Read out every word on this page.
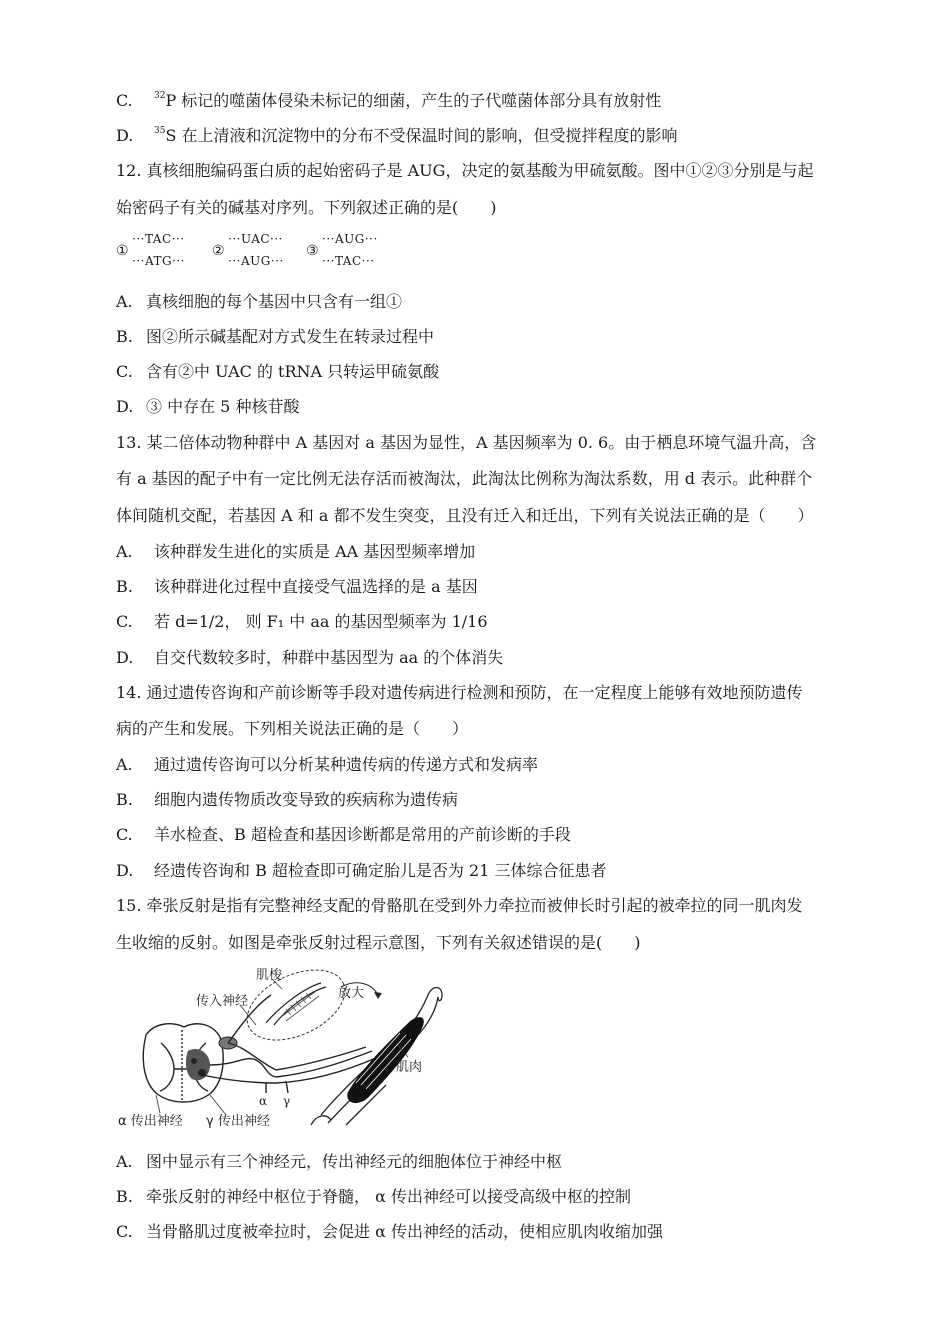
C. $^{32}$P 标记的噬菌体侵染未标记的细菌，产生的子代噬菌体部分具有放射性
D. $^{35}$S 在上清液和沉淀物中的分布不受保温时间的影响，但受搅拌程度的影响
12. 真核细胞编码蛋白质的起始密码子是 AUG，决定的氨基酸为甲硫氨酸。图中①②③分别是与起
始密码子有关的碱基对序列。下列叙述正确的是(　　)
①
···TAC···
···ATG···
②
···UAC···
···AUG···
③
···AUG···
···TAC···
A. 真核细胞的每个基因中只含有一组①
B. 图②所示碱基配对方式发生在转录过程中
C. 含有②中 UAC 的 tRNA 只转运甲硫氨酸
D. ③ 中存在 5 种核苷酸
13. 某二倍体动物种群中 A 基因对 a 基因为显性，A 基因频率为 0. 6。由于栖息环境气温升高，含
有 a 基因的配子中有一定比例无法存活而被淘汰，此淘汰比例称为淘汰系数，用 d 表示。此种群个
体间随机交配，若基因 A 和 a 都不发生突变，且没有迁入和迁出，下列有关说法正确的是（　　）
A. 该种群发生进化的实质是 AA 基因型频率增加
B. 该种群进化过程中直接受气温选择的是 a 基因
C. 若 d=1/2， 则 F₁ 中 aa 的基因型频率为 1/16
D. 自交代数较多时，种群中基因型为 aa 的个体消失
14. 通过遗传咨询和产前诊断等手段对遗传病进行检测和预防，在一定程度上能够有效地预防遗传
病的产生和发展。下列相关说法正确的是（　　）
A. 通过遗传咨询可以分析某种遗传病的传递方式和发病率
B. 细胞内遗传物质改变导致的疾病称为遗传病
C. 羊水检查、B 超检查和基因诊断都是常用的产前诊断的手段
D. 经遗传咨询和 B 超检查即可确定胎儿是否为 21 三体综合征患者
15. 牵张反射是指有完整神经支配的骨骼肌在受到外力牵拉而被伸长时引起的被牵拉的同一肌肉发
生收缩的反射。如图是牵张反射过程示意图，下列有关叙述错误的是(　　)
肌梭
放大
传入神经
肌肉
α γ
α 传出神经 γ 传出神经
A. 图中显示有三个神经元，传出神经元的细胞体位于神经中枢
B. 牵张反射的神经中枢位于脊髓， α 传出神经可以接受高级中枢的控制
C. 当骨骼肌过度被牵拉时，会促进 α 传出神经的活动，使相应肌肉收缩加强
